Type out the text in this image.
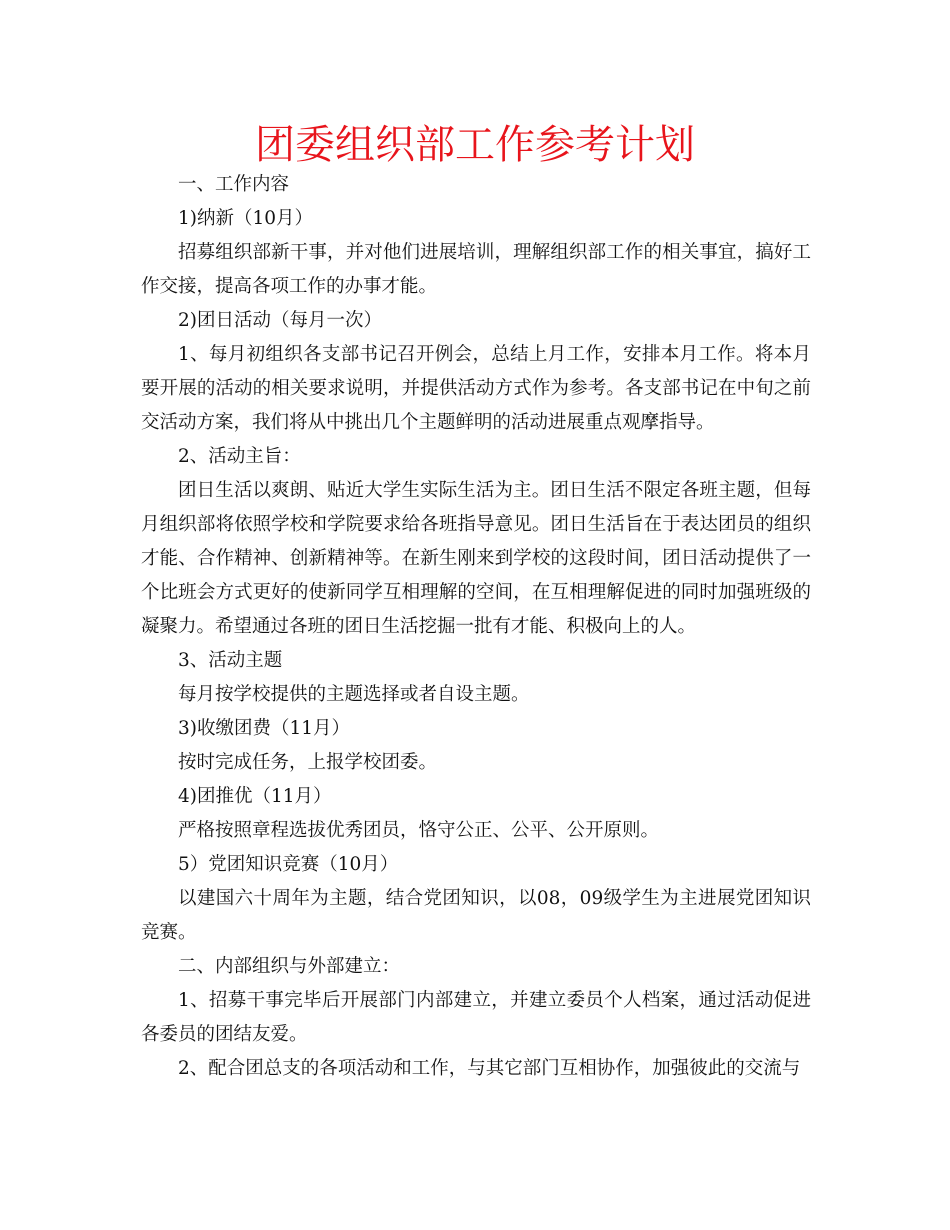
团委组织部工作参考计划

一、工作内容

1)纳新（10月）

招募组织部新干事，并对他们进展培训，理解组织部工作的相关事宜，搞好工作交接，提高各项工作的办事才能。

2)团日活动（每月一次）

1、每月初组织各支部书记召开例会，总结上月工作，安排本月工作。将本月要开展的活动的相关要求说明，并提供活动方式作为参考。各支部书记在中旬之前交活动方案，我们将从中挑出几个主题鲜明的活动进展重点观摩指导。

2、活动主旨：

团日生活以爽朗、贴近大学生实际生活为主。团日生活不限定各班主题，但每月组织部将依照学校和学院要求给各班指导意见。团日生活旨在于表达团员的组织才能、合作精神、创新精神等。在新生刚来到学校的这段时间，团日活动提供了一个比班会方式更好的使新同学互相理解的空间，在互相理解促进的同时加强班级的凝聚力。希望通过各班的团日生活挖掘一批有才能、积极向上的人。

3、活动主题

每月按学校提供的主题选择或者自设主题。

3)收缴团费（11月）

按时完成任务，上报学校团委。

4)团推优（11月）

严格按照章程选拔优秀团员，恪守公正、公平、公开原则。

5）党团知识竞赛（10月）

以建国六十周年为主题，结合党团知识，以08，09级学生为主进展党团知识竞赛。

二、内部组织与外部建立：

1、招募干事完毕后开展部门内部建立，并建立委员个人档案，通过活动促进各委员的团结友爱。

2、配合团总支的各项活动和工作，与其它部门互相协作，加强彼此的交流与
